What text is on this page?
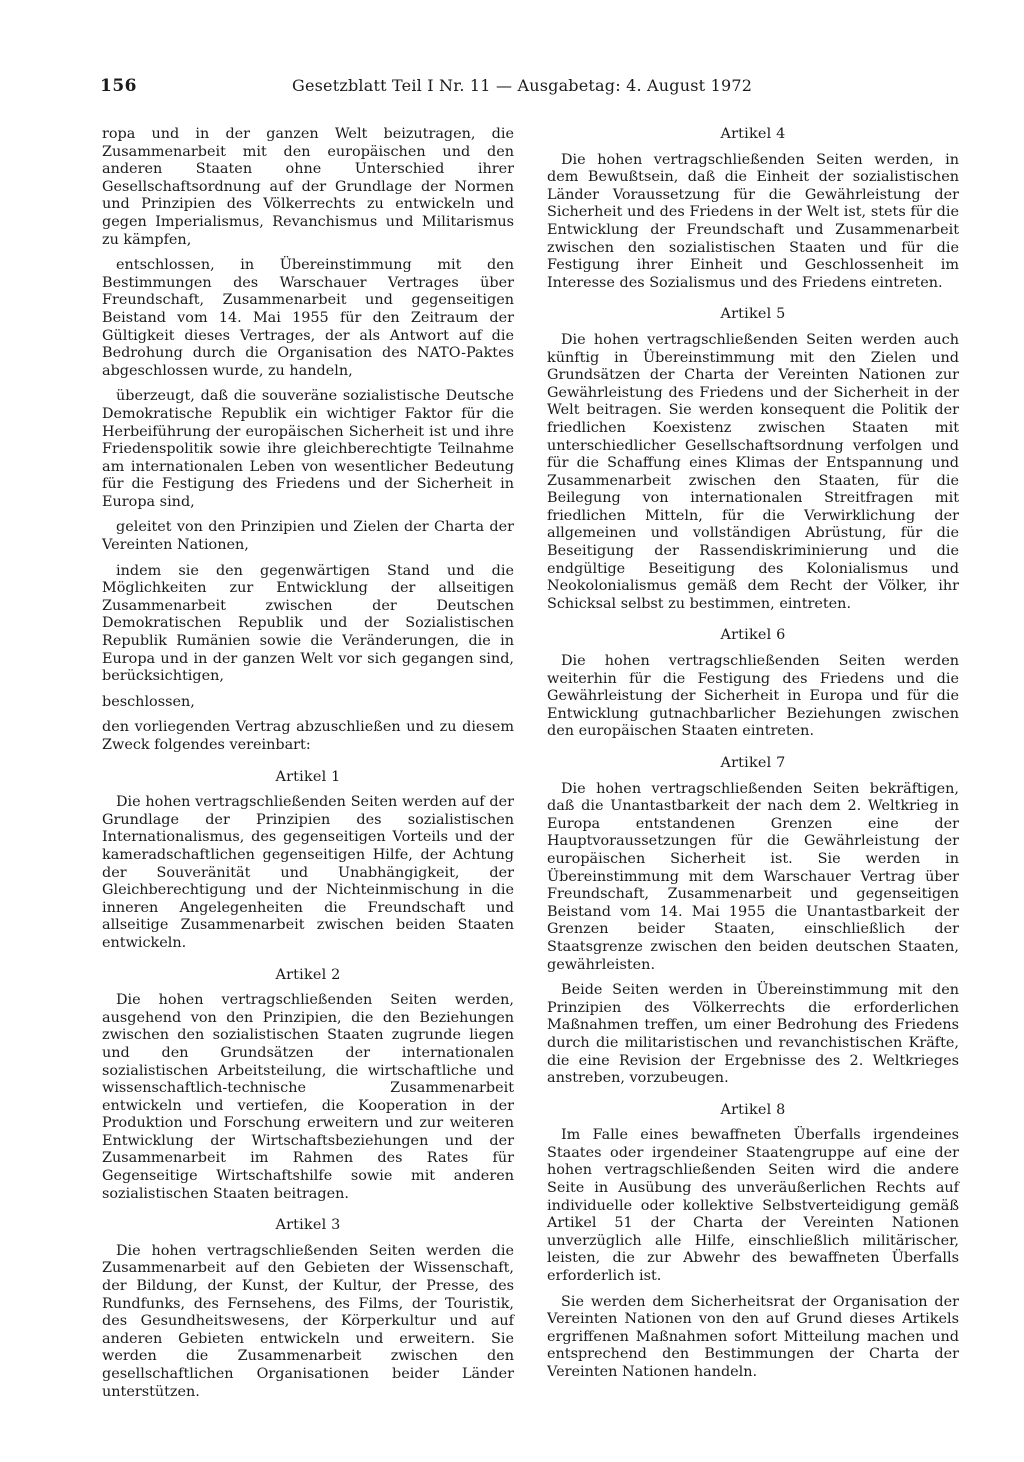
156	Gesetzblatt Teil I Nr. 11 — Ausgabetag: 4. August 1972

ropa und in der ganzen Welt beizutragen, die Zusammenarbeit mit den europäischen und den anderen Staaten ohne Unterschied ihrer Gesellschaftsordnung auf der Grundlage der Normen und Prinzipien des Völkerrechts zu entwickeln und gegen Imperialismus, Revanchismus und Militarismus zu kämpfen,

entschlossen, in Übereinstimmung mit den Bestimmungen des Warschauer Vertrages über Freundschaft, Zusammenarbeit und gegenseitigen Beistand vom 14. Mai 1955 für den Zeitraum der Gültigkeit dieses Vertrages, der als Antwort auf die Bedrohung durch die Organisation des NATO-Paktes abgeschlossen wurde, zu handeln,

überzeugt, daß die souveräne sozialistische Deutsche Demokratische Republik ein wichtiger Faktor für die Herbeiführung der europäischen Sicherheit ist und ihre Friedenspolitik sowie ihre gleichberechtigte Teilnahme am internationalen Leben von wesentlicher Bedeutung für die Festigung des Friedens und der Sicherheit in Europa sind,

geleitet von den Prinzipien und Zielen der Charta der Vereinten Nationen,

indem sie den gegenwärtigen Stand und die Möglichkeiten zur Entwicklung der allseitigen Zusammenarbeit zwischen der Deutschen Demokratischen Republik und der Sozialistischen Republik Rumänien sowie die Veränderungen, die in Europa und in der ganzen Welt vor sich gegangen sind, berücksichtigen,

beschlossen,

den vorliegenden Vertrag abzuschließen und zu diesem Zweck folgendes vereinbart:

Artikel 1

Die hohen vertragschließenden Seiten werden auf der Grundlage der Prinzipien des sozialistischen Internationalismus, des gegenseitigen Vorteils und der kameradschaftlichen gegenseitigen Hilfe, der Achtung der Souveränität und Unabhängigkeit, der Gleichberechtigung und der Nichteinmischung in die inneren Angelegenheiten die Freundschaft und allseitige Zusammenarbeit zwischen beiden Staaten entwickeln.

Artikel 2

Die hohen vertragschließenden Seiten werden, ausgehend von den Prinzipien, die den Beziehungen zwischen den sozialistischen Staaten zugrunde liegen und den Grundsätzen der internationalen sozialistischen Arbeitsteilung, die wirtschaftliche und wissenschaftlich-technische Zusammenarbeit entwickeln und vertiefen, die Kooperation in der Produktion und Forschung erweitern und zur weiteren Entwicklung der Wirtschaftsbeziehungen und der Zusammenarbeit im Rahmen des Rates für Gegenseitige Wirtschaftshilfe sowie mit anderen sozialistischen Staaten beitragen.

Artikel 3

Die hohen vertragschließenden Seiten werden die Zusammenarbeit auf den Gebieten der Wissenschaft, der Bildung, der Kunst, der Kultur, der Presse, des Rundfunks, des Fernsehens, des Films, der Touristik, des Gesundheitswesens, der Körperkultur und auf anderen Gebieten entwickeln und erweitern. Sie werden die Zusammenarbeit zwischen den gesellschaftlichen Organisationen beider Länder unterstützen.

Artikel 4

Die hohen vertragschließenden Seiten werden, in dem Bewußtsein, daß die Einheit der sozialistischen Länder Voraussetzung für die Gewährleistung der Sicherheit und des Friedens in der Welt ist, stets für die Entwicklung der Freundschaft und Zusammenarbeit zwischen den sozialistischen Staaten und für die Festigung ihrer Einheit und Geschlossenheit im Interesse des Sozialismus und des Friedens eintreten.

Artikel 5

Die hohen vertragschließenden Seiten werden auch künftig in Übereinstimmung mit den Zielen und Grundsätzen der Charta der Vereinten Nationen zur Gewährleistung des Friedens und der Sicherheit in der Welt beitragen. Sie werden konsequent die Politik der friedlichen Koexistenz zwischen Staaten mit unterschiedlicher Gesellschaftsordnung verfolgen und für die Schaffung eines Klimas der Entspannung und Zusammenarbeit zwischen den Staaten, für die Beilegung von internationalen Streitfragen mit friedlichen Mitteln, für die Verwirklichung der allgemeinen und vollständigen Abrüstung, für die Beseitigung der Rassendiskriminierung und die endgültige Beseitigung des Kolonialismus und Neokolonialismus gemäß dem Recht der Völker, ihr Schicksal selbst zu bestimmen, eintreten.

Artikel 6

Die hohen vertragschließenden Seiten werden weiterhin für die Festigung des Friedens und die Gewährleistung der Sicherheit in Europa und für die Entwicklung gutnachbarlicher Beziehungen zwischen den europäischen Staaten eintreten.

Artikel 7

Die hohen vertragschließenden Seiten bekräftigen, daß die Unantastbarkeit der nach dem 2. Weltkrieg in Europa entstandenen Grenzen eine der Hauptvoraussetzungen für die Gewährleistung der europäischen Sicherheit ist. Sie werden in Übereinstimmung mit dem Warschauer Vertrag über Freundschaft, Zusammenarbeit und gegenseitigen Beistand vom 14. Mai 1955 die Unantastbarkeit der Grenzen beider Staaten, einschließlich der Staatsgrenze zwischen den beiden deutschen Staaten, gewährleisten.

Beide Seiten werden in Übereinstimmung mit den Prinzipien des Völkerrechts die erforderlichen Maßnahmen treffen, um einer Bedrohung des Friedens durch die militaristischen und revanchistischen Kräfte, die eine Revision der Ergebnisse des 2. Weltkrieges anstreben, vorzubeugen.

Artikel 8

Im Falle eines bewaffneten Überfalls irgendeines Staates oder irgendeiner Staatengruppe auf eine der hohen vertragschließenden Seiten wird die andere Seite in Ausübung des unveräußerlichen Rechts auf individuelle oder kollektive Selbstverteidigung gemäß Artikel 51 der Charta der Vereinten Nationen unverzüglich alle Hilfe, einschließlich militärischer, leisten, die zur Abwehr des bewaffneten Überfalls erforderlich ist.

Sie werden dem Sicherheitsrat der Organisation der Vereinten Nationen von den auf Grund dieses Artikels ergriffenen Maßnahmen sofort Mitteilung machen und entsprechend den Bestimmungen der Charta der Vereinten Nationen handeln.
